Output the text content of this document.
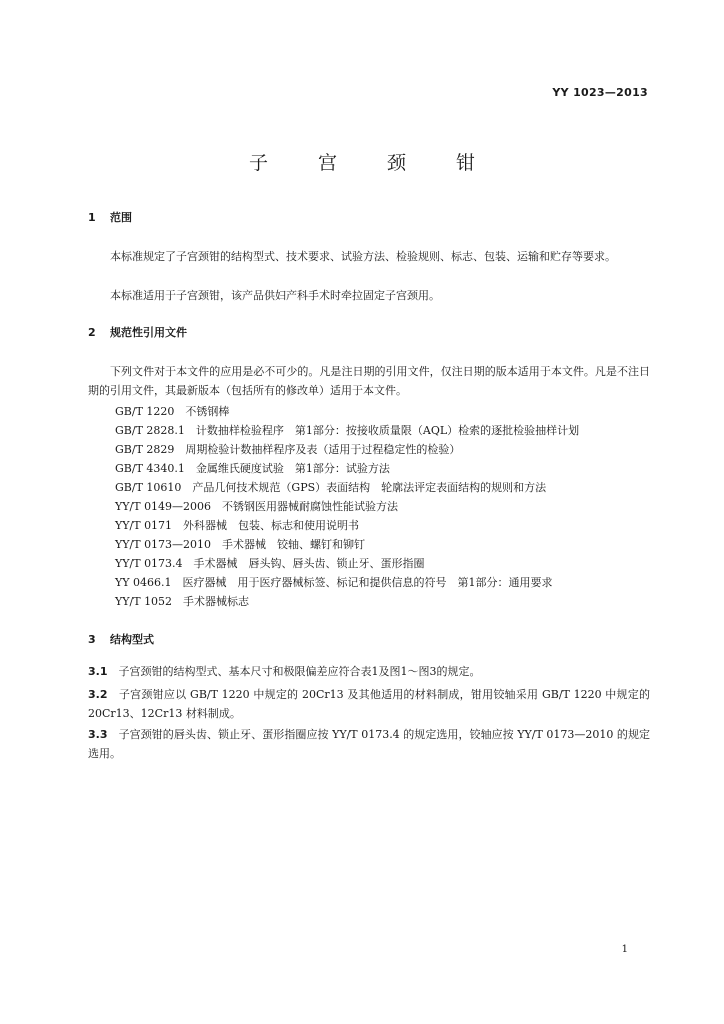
YY 1023—2013
子 宫 颈 钳
1 范围
本标准规定了子宫颈钳的结构型式、技术要求、试验方法、检验规则、标志、包装、运输和贮存等要求。
本标准适用于子宫颈钳，该产品供妇产科手术时牵拉固定子宫颈用。
2 规范性引用文件
下列文件对于本文件的应用是必不可少的。凡是注日期的引用文件，仅注日期的版本适用于本文件。凡是不注日期的引用文件，其最新版本（包括所有的修改单）适用于本文件。
GB/T 1220　不锈钢棒
GB/T 2828.1　计数抽样检验程序　第1部分：按接收质量限（AQL）检索的逐批检验抽样计划
GB/T 2829　周期检验计数抽样程序及表（适用于过程稳定性的检验）
GB/T 4340.1　金属维氏硬度试验　第1部分：试验方法
GB/T 10610　产品几何技术规范（GPS）表面结构　轮廓法评定表面结构的规则和方法
YY/T 0149—2006　不锈钢医用器械耐腐蚀性能试验方法
YY/T 0171　外科器械　包装、标志和使用说明书
YY/T 0173—2010　手术器械　铰轴、螺钉和铆钉
YY/T 0173.4　手术器械　唇头钩、唇头齿、锁止牙、蛋形指圈
YY 0466.1　医疗器械　用于医疗器械标签、标记和提供信息的符号　第1部分：通用要求
YY/T 1052　手术器械标志
3 结构型式
3.1　 子宫颈钳的结构型式、基本尺寸和极限偏差应符合表1及图1～图3的规定。
3.2　 子宫颈钳应以 GB/T 1220 中规定的 20Cr13 及其他适用的材料制成，钳用铰轴采用 GB/T 1220 中规定的 20Cr13、12Cr13 材料制成。
3.3　 子宫颈钳的唇头齿、锁止牙、蛋形指圈应按 YY/T 0173.4 的规定选用，铰轴应按 YY/T 0173—2010 的规定选用。
1
